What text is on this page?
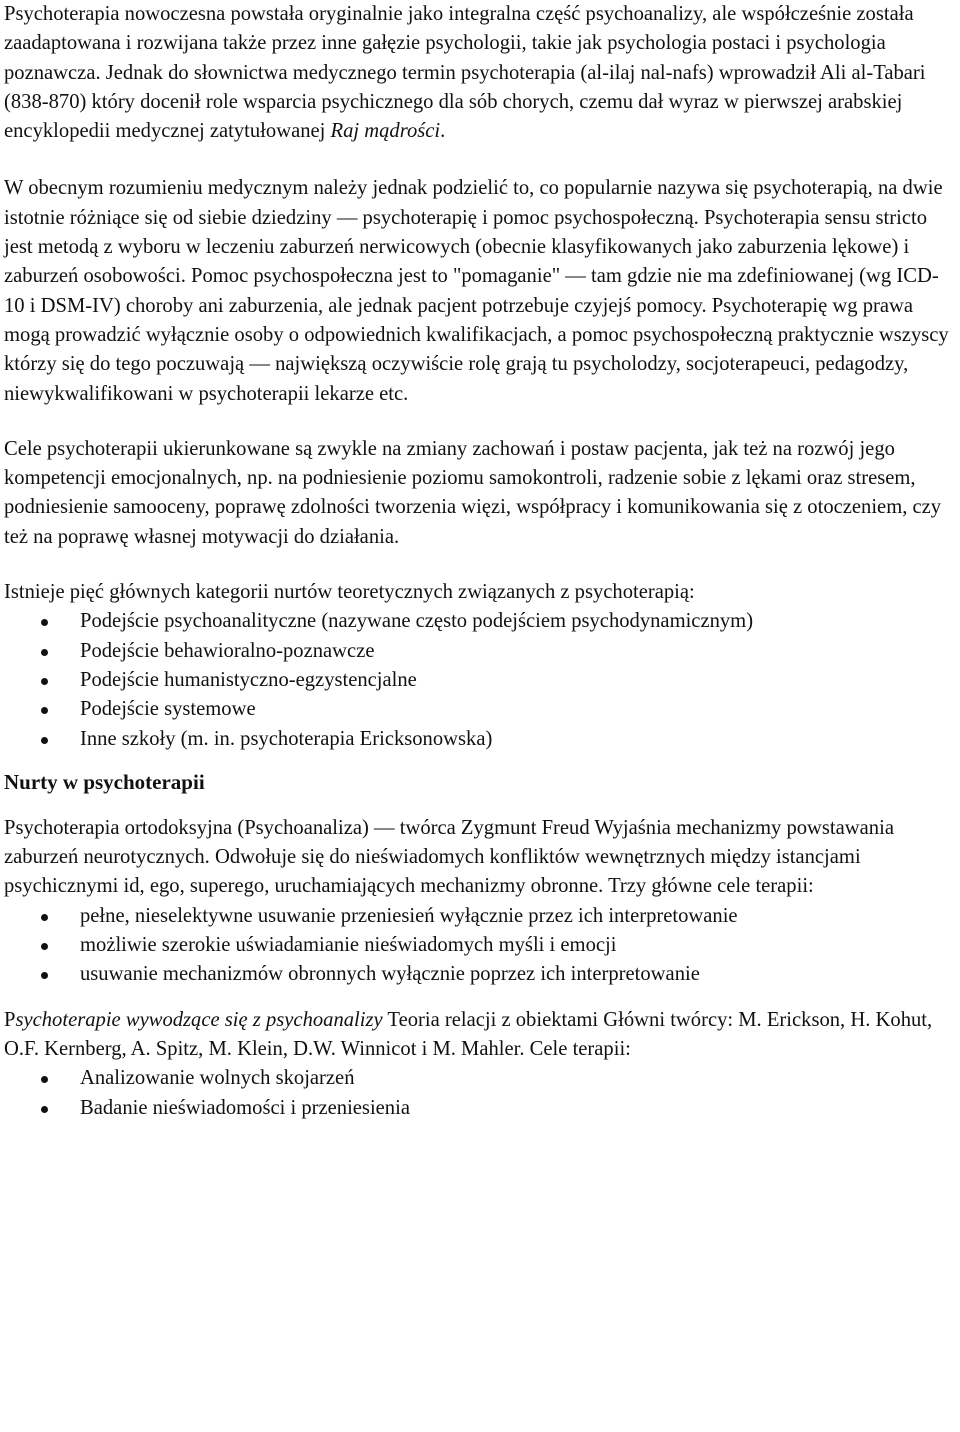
Psychoterapia nowoczesna powstała oryginalnie jako integralna część psychoanalizy, ale współcześnie została zaadaptowana i rozwijana także przez inne gałęzie psychologii, takie jak psychologia postaci i psychologia poznawcza. Jednak do słownictwa medycznego termin psychoterapia (al-ilaj nal-nafs) wprowadził Ali al-Tabari (838-870) który docenił role wsparcia psychicznego dla sób chorych, czemu dał wyraz w pierwszej arabskiej encyklopedii medycznej zatytułowanej Raj mądrości.

W obecnym rozumieniu medycznym należy jednak podzielić to, co popularnie nazywa się psychoterapią, na dwie istotnie różniące się od siebie dziedziny — psychoterapię i pomoc psychospołeczną. Psychoterapia sensu stricto jest metodą z wyboru w leczeniu zaburzeń nerwicowych (obecnie klasyfikowanych jako zaburzenia lękowe) i zaburzeń osobowości. Pomoc psychospołeczna jest to "pomaganie" — tam gdzie nie ma zdefiniowanej (wg ICD-10 i DSM-IV) choroby ani zaburzenia, ale jednak pacjent potrzebuje czyjejś pomocy. Psychoterapię wg prawa mogą prowadzić wyłącznie osoby o odpowiednich kwalifikacjach, a pomoc psychospołeczną praktycznie wszyscy którzy się do tego poczuwają — największą oczywiście rolę grają tu psycholodzy, socjoterapeuci, pedagodzy, niewykwalifikowani w psychoterapii lekarze etc.

Cele psychoterapii ukierunkowane są zwykle na zmiany zachowań i postaw pacjenta, jak też na rozwój jego kompetencji emocjonalnych, np. na podniesienie poziomu samokontroli, radzenie sobie z lękami oraz stresem, podniesienie samooceny, poprawę zdolności tworzenia więzi, współpracy i komunikowania się z otoczeniem, czy też na poprawę własnej motywacji do działania.

Istnieje pięć głównych kategorii nurtów teoretycznych związanych z psychoterapią:

Podejście psychoanalityczne (nazywane często podejściem psychodynamicznym)
Podejście behawioralno-poznawcze
Podejście humanistyczno-egzystencjalne
Podejście systemowe
Inne szkoły (m. in. psychoterapia Ericksonowska)
Nurty w psychoterapii

Psychoterapia ortodoksyjna (Psychoanaliza) — twórca Zygmunt Freud Wyjaśnia mechanizmy powstawania zaburzeń neurotycznych. Odwołuje się do nieświadomych konfliktów wewnętrznych między istancjami psychicznymi id, ego, superego, uruchamiających mechanizmy obronne. Trzy główne cele terapii:

pełne, nieselektywne usuwanie przeniesień wyłącznie przez ich interpretowanie
możliwie szerokie uświadamianie nieświadomych myśli i emocji
usuwanie mechanizmów obronnych wyłącznie poprzez ich interpretowanie

Psychoterapie wywodzące się z psychoanalizy Teoria relacji z obiektami Główni twórcy: M. Erickson, H. Kohut, O.F. Kernberg, A. Spitz, M. Klein, D.W. Winnicot i M. Mahler. Cele terapii:

Analizowanie wolnych skojarzeń
Badanie nieświadomości i przeniesienia
